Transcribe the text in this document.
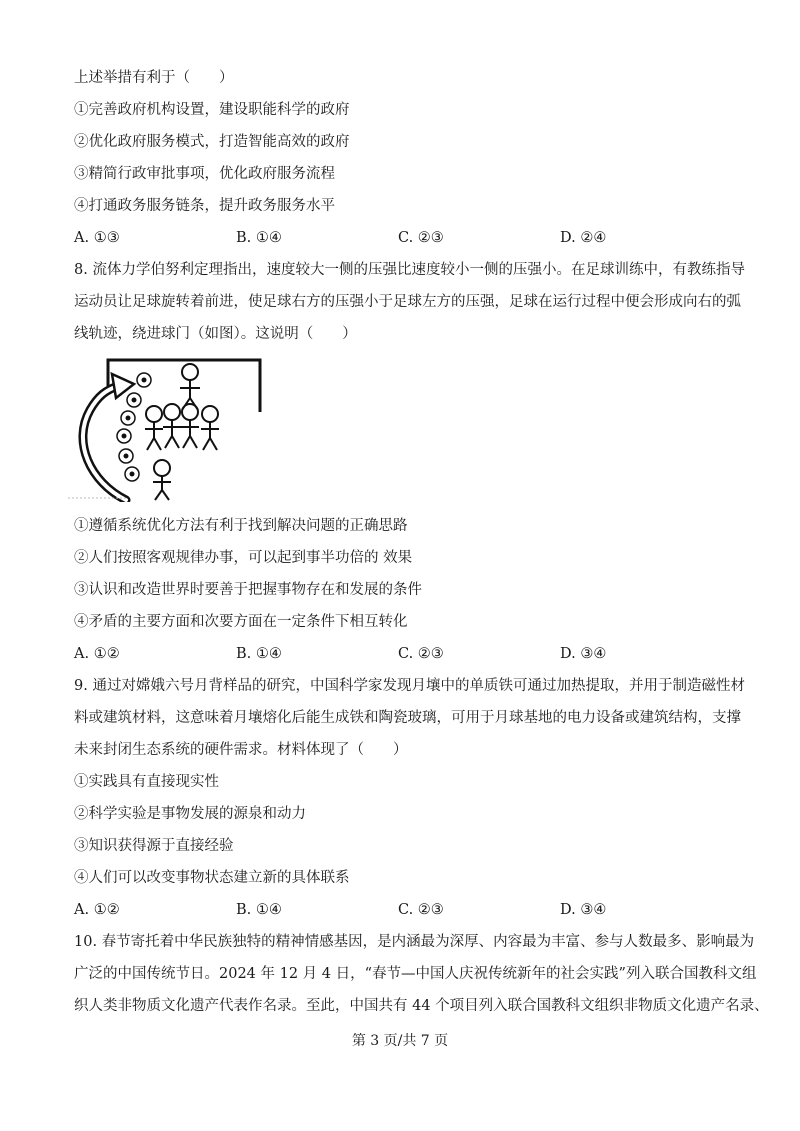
上述举措有利于（　　）
①完善政府机构设置，建设职能科学的政府
②优化政府服务模式，打造智能高效的政府
③精简行政审批事项，优化政府服务流程
④打通政务服务链条，提升政务服务水平
A. ①③	B. ①④	C. ②③	D. ②④
8. 流体力学伯努利定理指出，速度较大一侧的压强比速度较小一侧的压强小。在足球训练中，有教练指导
运动员让足球旋转着前进，使足球右方的压强小于足球左方的压强，足球在运行过程中便会形成向右的弧
线轨迹，绕进球门（如图）。这说明（　　）
①遵循系统优化方法有利于找到解决问题的正确思路
②人们按照客观规律办事，可以起到事半功倍的 效果
③认识和改造世界时要善于把握事物存在和发展的条件
④矛盾的主要方面和次要方面在一定条件下相互转化
A. ①②	B. ①④	C. ②③	D. ③④
9. 通过对嫦娥六号月背样品的研究，中国科学家发现月壤中的单质铁可通过加热提取，并用于制造磁性材
料或建筑材料，这意味着月壤熔化后能生成铁和陶瓷玻璃，可用于月球基地的电力设备或建筑结构，支撑
未来封闭生态系统的硬件需求。材料体现了（　　）
①实践具有直接现实性
②科学实验是事物发展的源泉和动力
③知识获得源于直接经验
④人们可以改变事物状态建立新的具体联系
A. ①②	B. ①④	C. ②③	D. ③④
10. 春节寄托着中华民族独特的精神情感基因，是内涵最为深厚、内容最为丰富、参与人数最多、影响最为
广泛的中国传统节日。2024 年 12 月 4 日，“春节—中国人庆祝传统新年的社会实践”列入联合国教科文组
织人类非物质文化遗产代表作名录。至此，中国共有 44 个项目列入联合国教科文组织非物质文化遗产名录、
第 3 页/共 7 页
